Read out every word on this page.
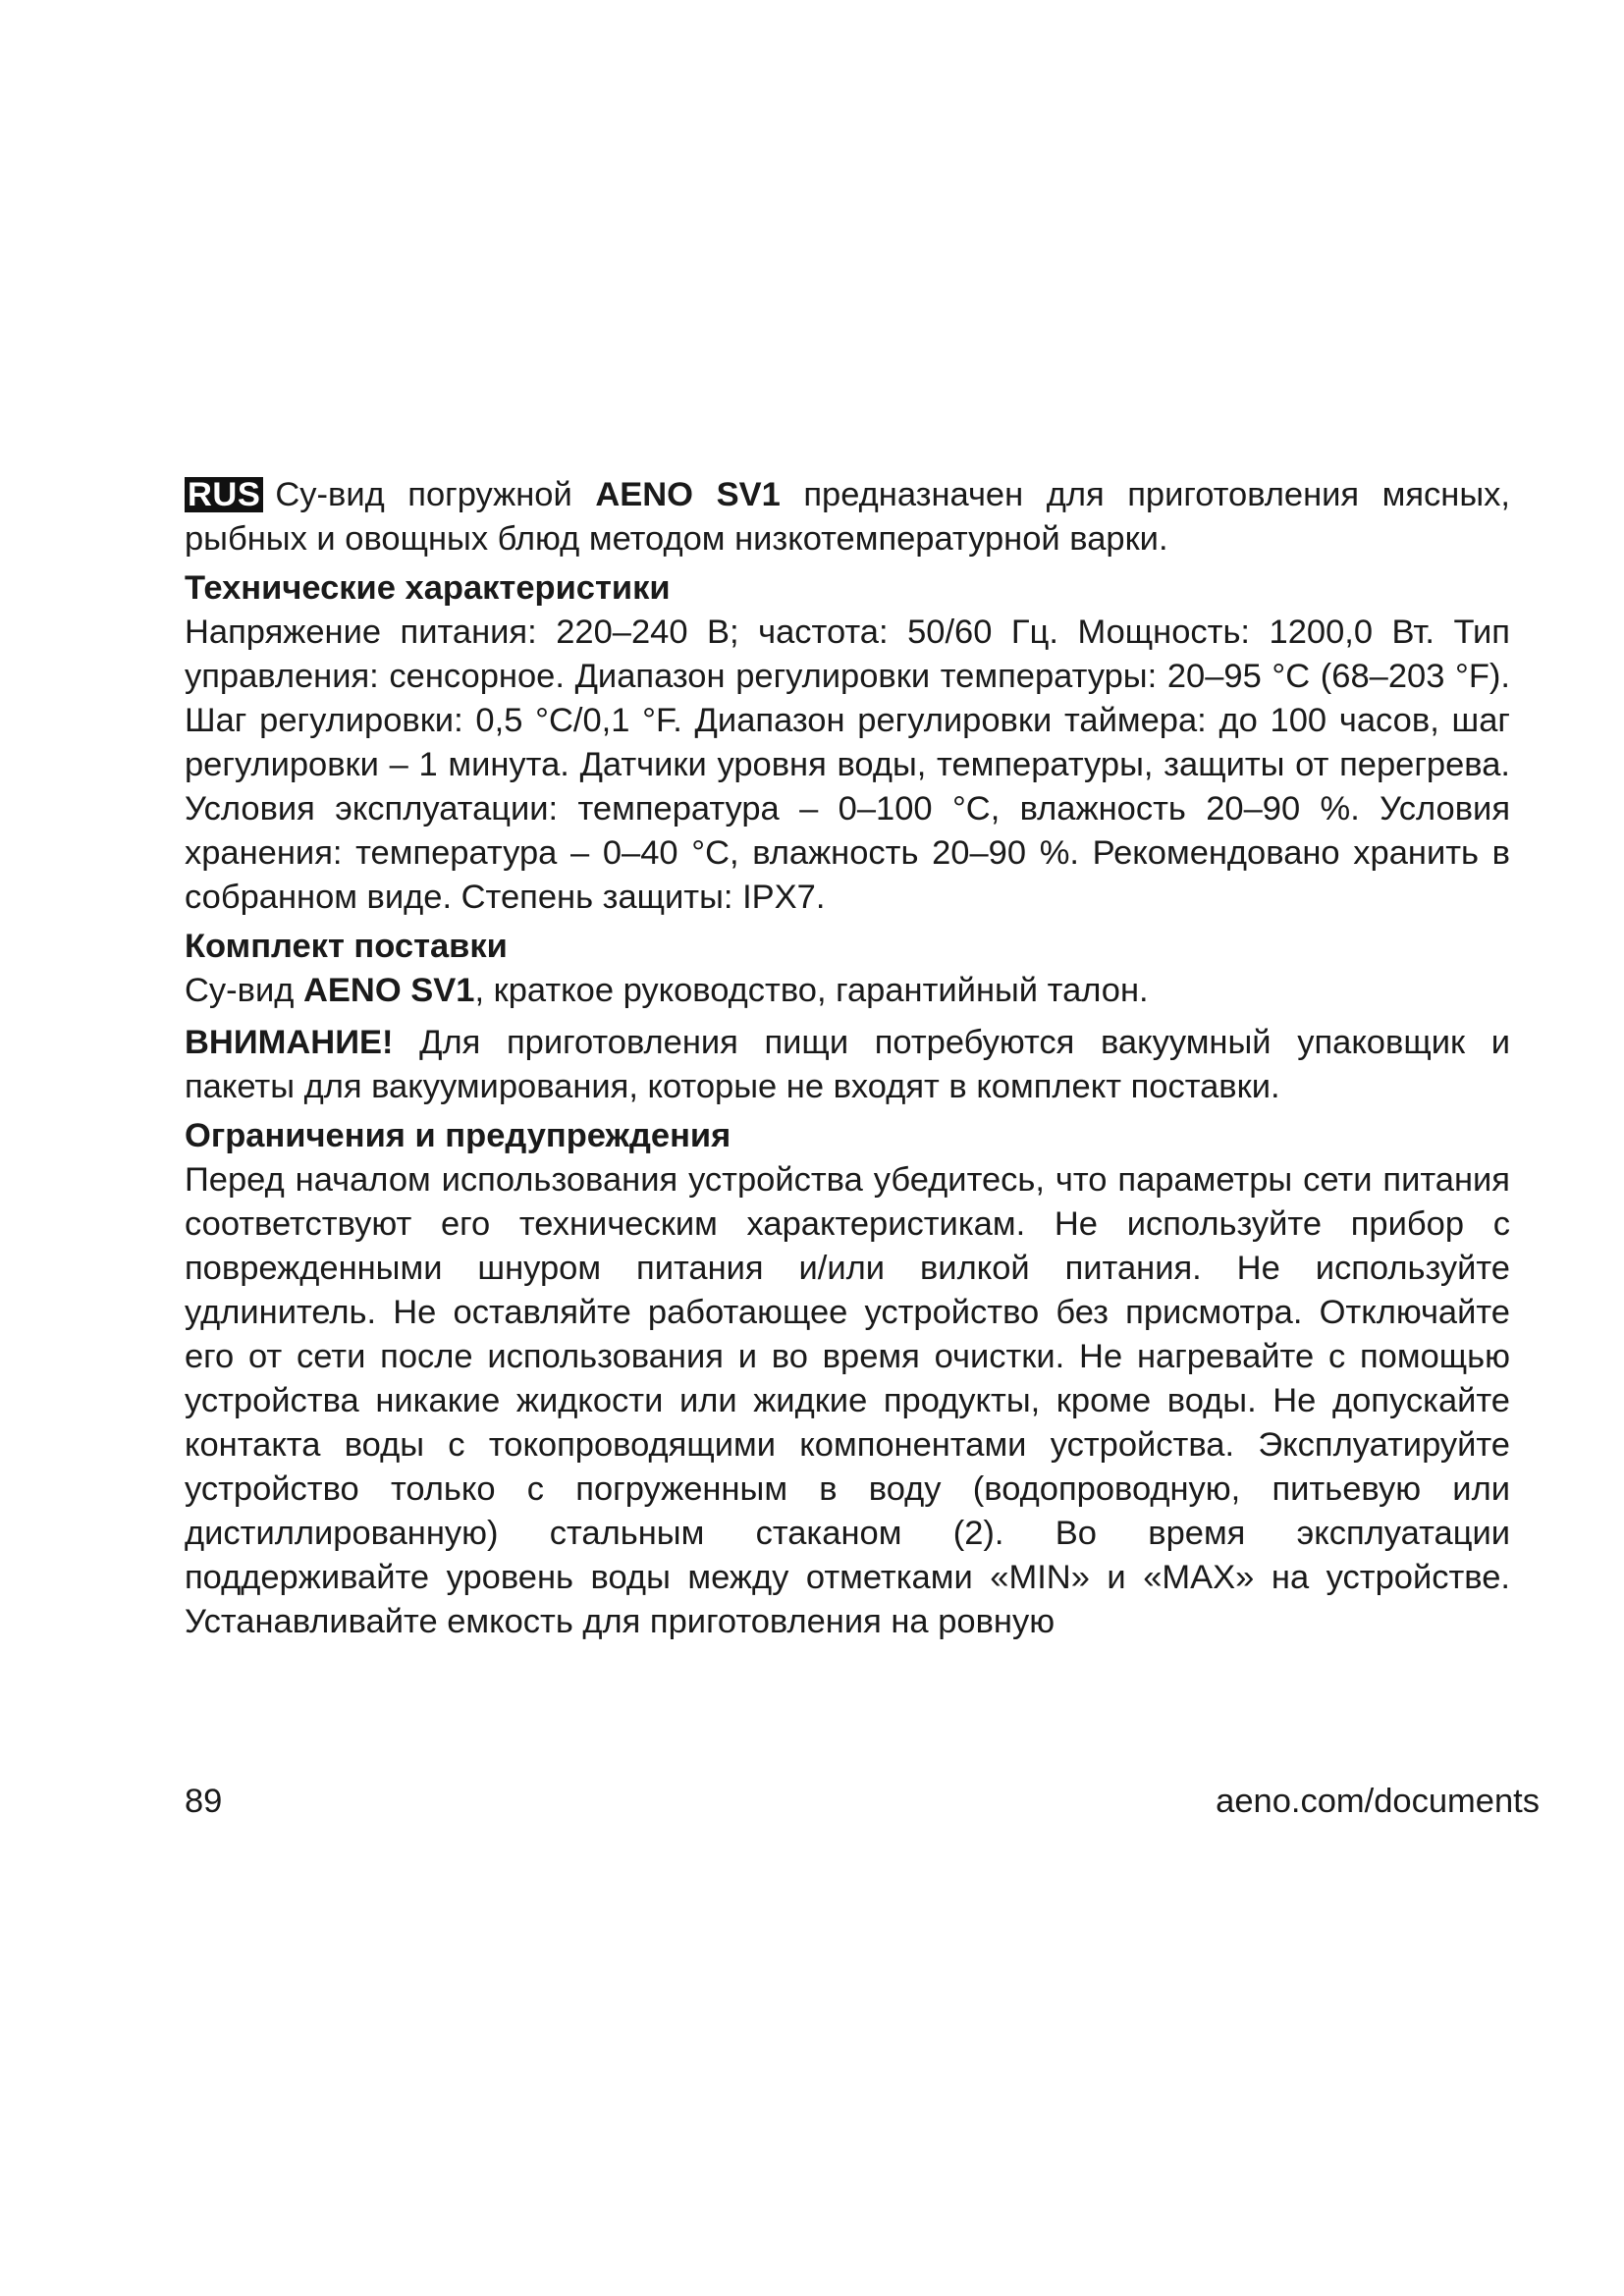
RUS Су-вид погружной AENO SV1 предназначен для приготовления мясных, рыбных и овощных блюд методом низкотемпературной варки.

Технические характеристики

Напряжение питания: 220–240 В; частота: 50/60 Гц. Мощность: 1200,0 Вт. Тип управления: сенсорное. Диапазон регулировки температуры: 20–95 °C (68–203 °F). Шаг регулировки: 0,5 °C/0,1 °F. Диапазон регулировки таймера: до 100 часов, шаг регулировки – 1 минута. Датчики уровня воды, температуры, защиты от перегрева. Условия эксплуатации: температура – 0–100 °C, влажность 20–90 %. Условия хранения: температура – 0–40 °C, влажность 20–90 %. Рекомендовано хранить в собранном виде. Степень защиты: IPX7.

Комплект поставки

Су-вид AENO SV1, краткое руководство, гарантийный талон.

ВНИМАНИЕ! Для приготовления пищи потребуются вакуумный упаковщик и пакеты для вакуумирования, которые не входят в комплект поставки.

Ограничения и предупреждения

Перед началом использования устройства убедитесь, что параметры сети питания соответствуют его техническим характеристикам. Не используйте прибор с поврежденными шнуром питания и/или вилкой питания. Не используйте удлинитель. Не оставляйте работающее устройство без присмотра. Отключайте его от сети после использования и во время очистки. Не нагревайте с помощью устройства никакие жидкости или жидкие продукты, кроме воды. Не допускайте контакта воды с токопроводящими компонентами устройства. Эксплуатируйте устройство только с погруженным в воду (водопроводную, питьевую или дистиллированную) стальным стаканом (2). Во время эксплуатации поддерживайте уровень воды между отметками «MIN» и «MAX» на устройстве. Устанавливайте емкость для приготовления на ровную

89	aeno.com/documents
